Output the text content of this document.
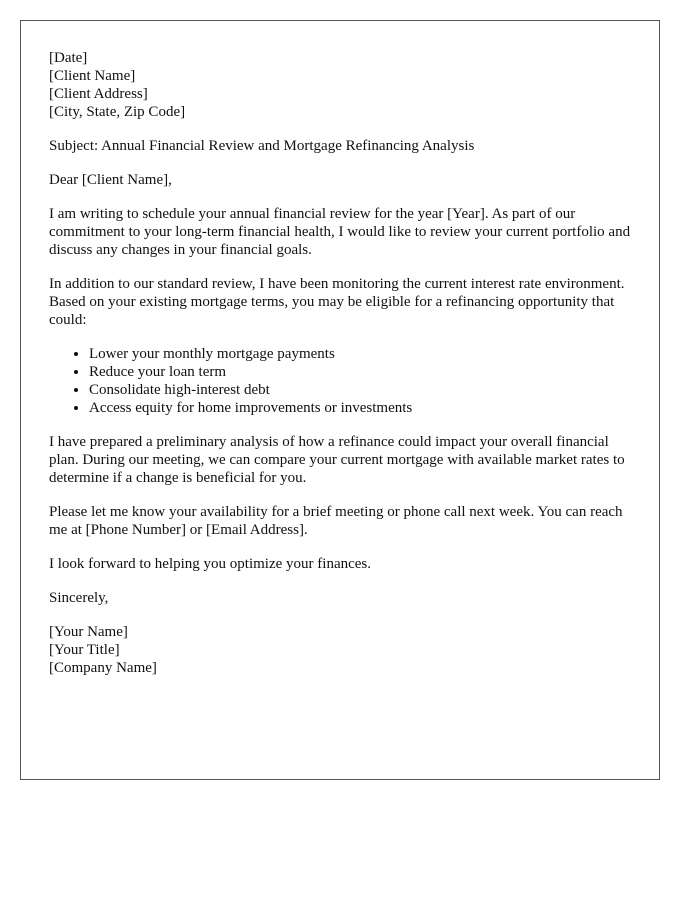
[Date]
[Client Name]
[Client Address]
[City, State, Zip Code]

Subject: Annual Financial Review and Mortgage Refinancing Analysis

Dear [Client Name],

I am writing to schedule your annual financial review for the year [Year]. As part of our commitment to your long-term financial health, I would like to review your current portfolio and discuss any changes in your financial goals.

In addition to our standard review, I have been monitoring the current interest rate environment. Based on your existing mortgage terms, you may be eligible for a refinancing opportunity that could:

• Lower your monthly mortgage payments
• Reduce your loan term
• Consolidate high-interest debt
• Access equity for home improvements or investments

I have prepared a preliminary analysis of how a refinance could impact your overall financial plan. During our meeting, we can compare your current mortgage with available market rates to determine if a change is beneficial for you.

Please let me know your availability for a brief meeting or phone call next week. You can reach me at [Phone Number] or [Email Address].

I look forward to helping you optimize your finances.

Sincerely,

[Your Name]
[Your Title]
[Company Name]
